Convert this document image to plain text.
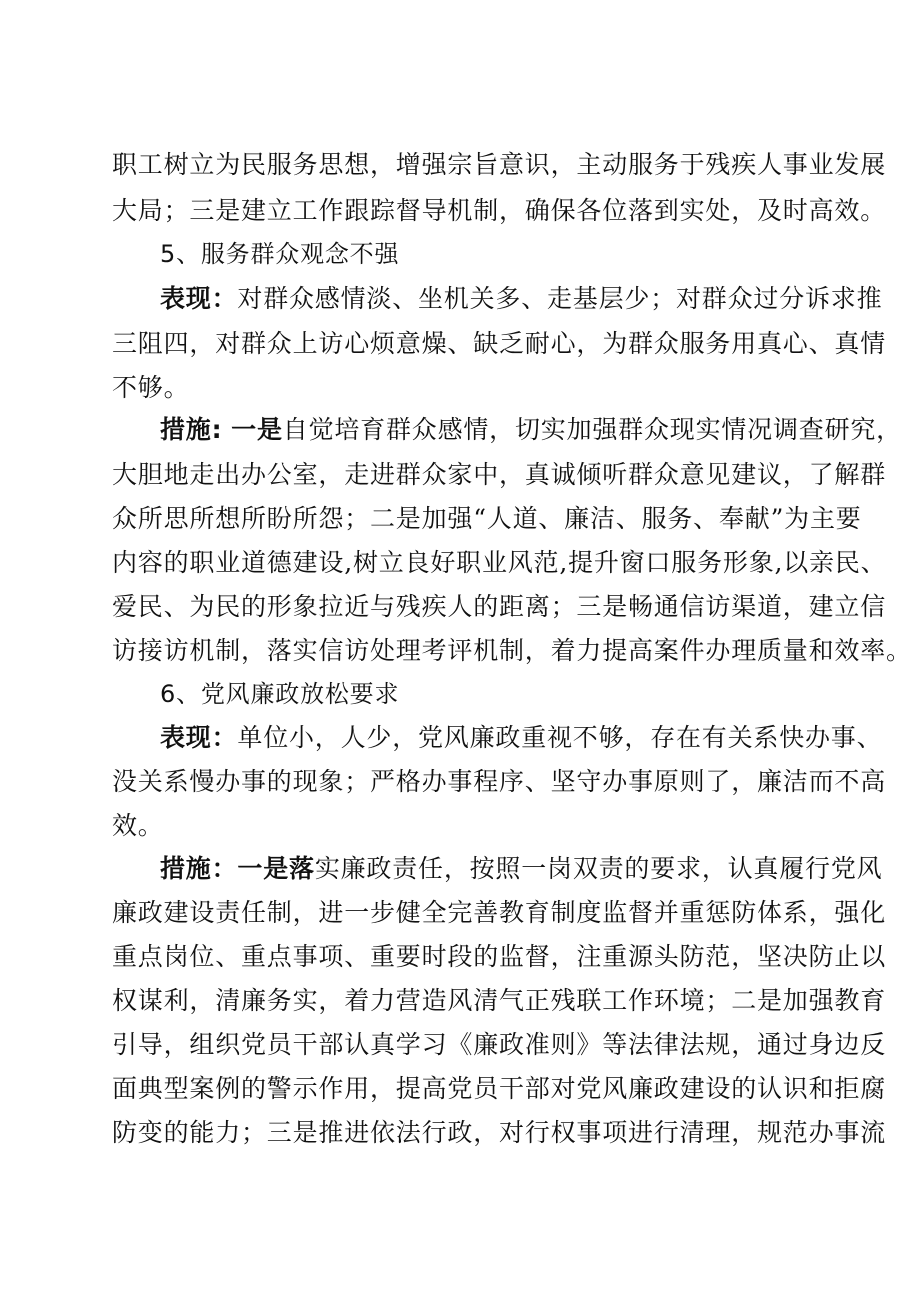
职工树立为民服务思想，增强宗旨意识，主动服务于残疾人事业发展
大局；三是建立工作跟踪督导机制，确保各位落到实处，及时高效。
5、服务群众观念不强
表现：对群众感情淡、坐机关多、走基层少；对群众过分诉求推
三阻四，对群众上访心烦意燥、缺乏耐心，为群众服务用真心、真情
不够。
措施: 一是自觉培育群众感情，切实加强群众现实情况调查研究，
大胆地走出办公室，走进群众家中，真诚倾听群众意见建议，了解群
众所思所想所盼所怨；二是加强“人道、廉洁、服务、奉献”为主要
内容的职业道德建设,树立良好职业风范,提升窗口服务形象,以亲民、
爱民、为民的形象拉近与残疾人的距离；三是畅通信访渠道，建立信
访接访机制，落实信访处理考评机制，着力提高案件办理质量和效率。
6、党风廉政放松要求
表现：单位小，人少，党风廉政重视不够，存在有关系快办事、
没关系慢办事的现象；严格办事程序、坚守办事原则了，廉洁而不高
效。
措施：一是落实廉政责任，按照一岗双责的要求，认真履行党风
廉政建设责任制，进一步健全完善教育制度监督并重惩防体系，强化
重点岗位、重点事项、重要时段的监督，注重源头防范，坚决防止以
权谋利，清廉务实，着力营造风清气正残联工作环境；二是加强教育
引导，组织党员干部认真学习《廉政准则》等法律法规，通过身边反
面典型案例的警示作用，提高党员干部对党风廉政建设的认识和拒腐
防变的能力；三是推进依法行政，对行权事项进行清理，规范办事流
